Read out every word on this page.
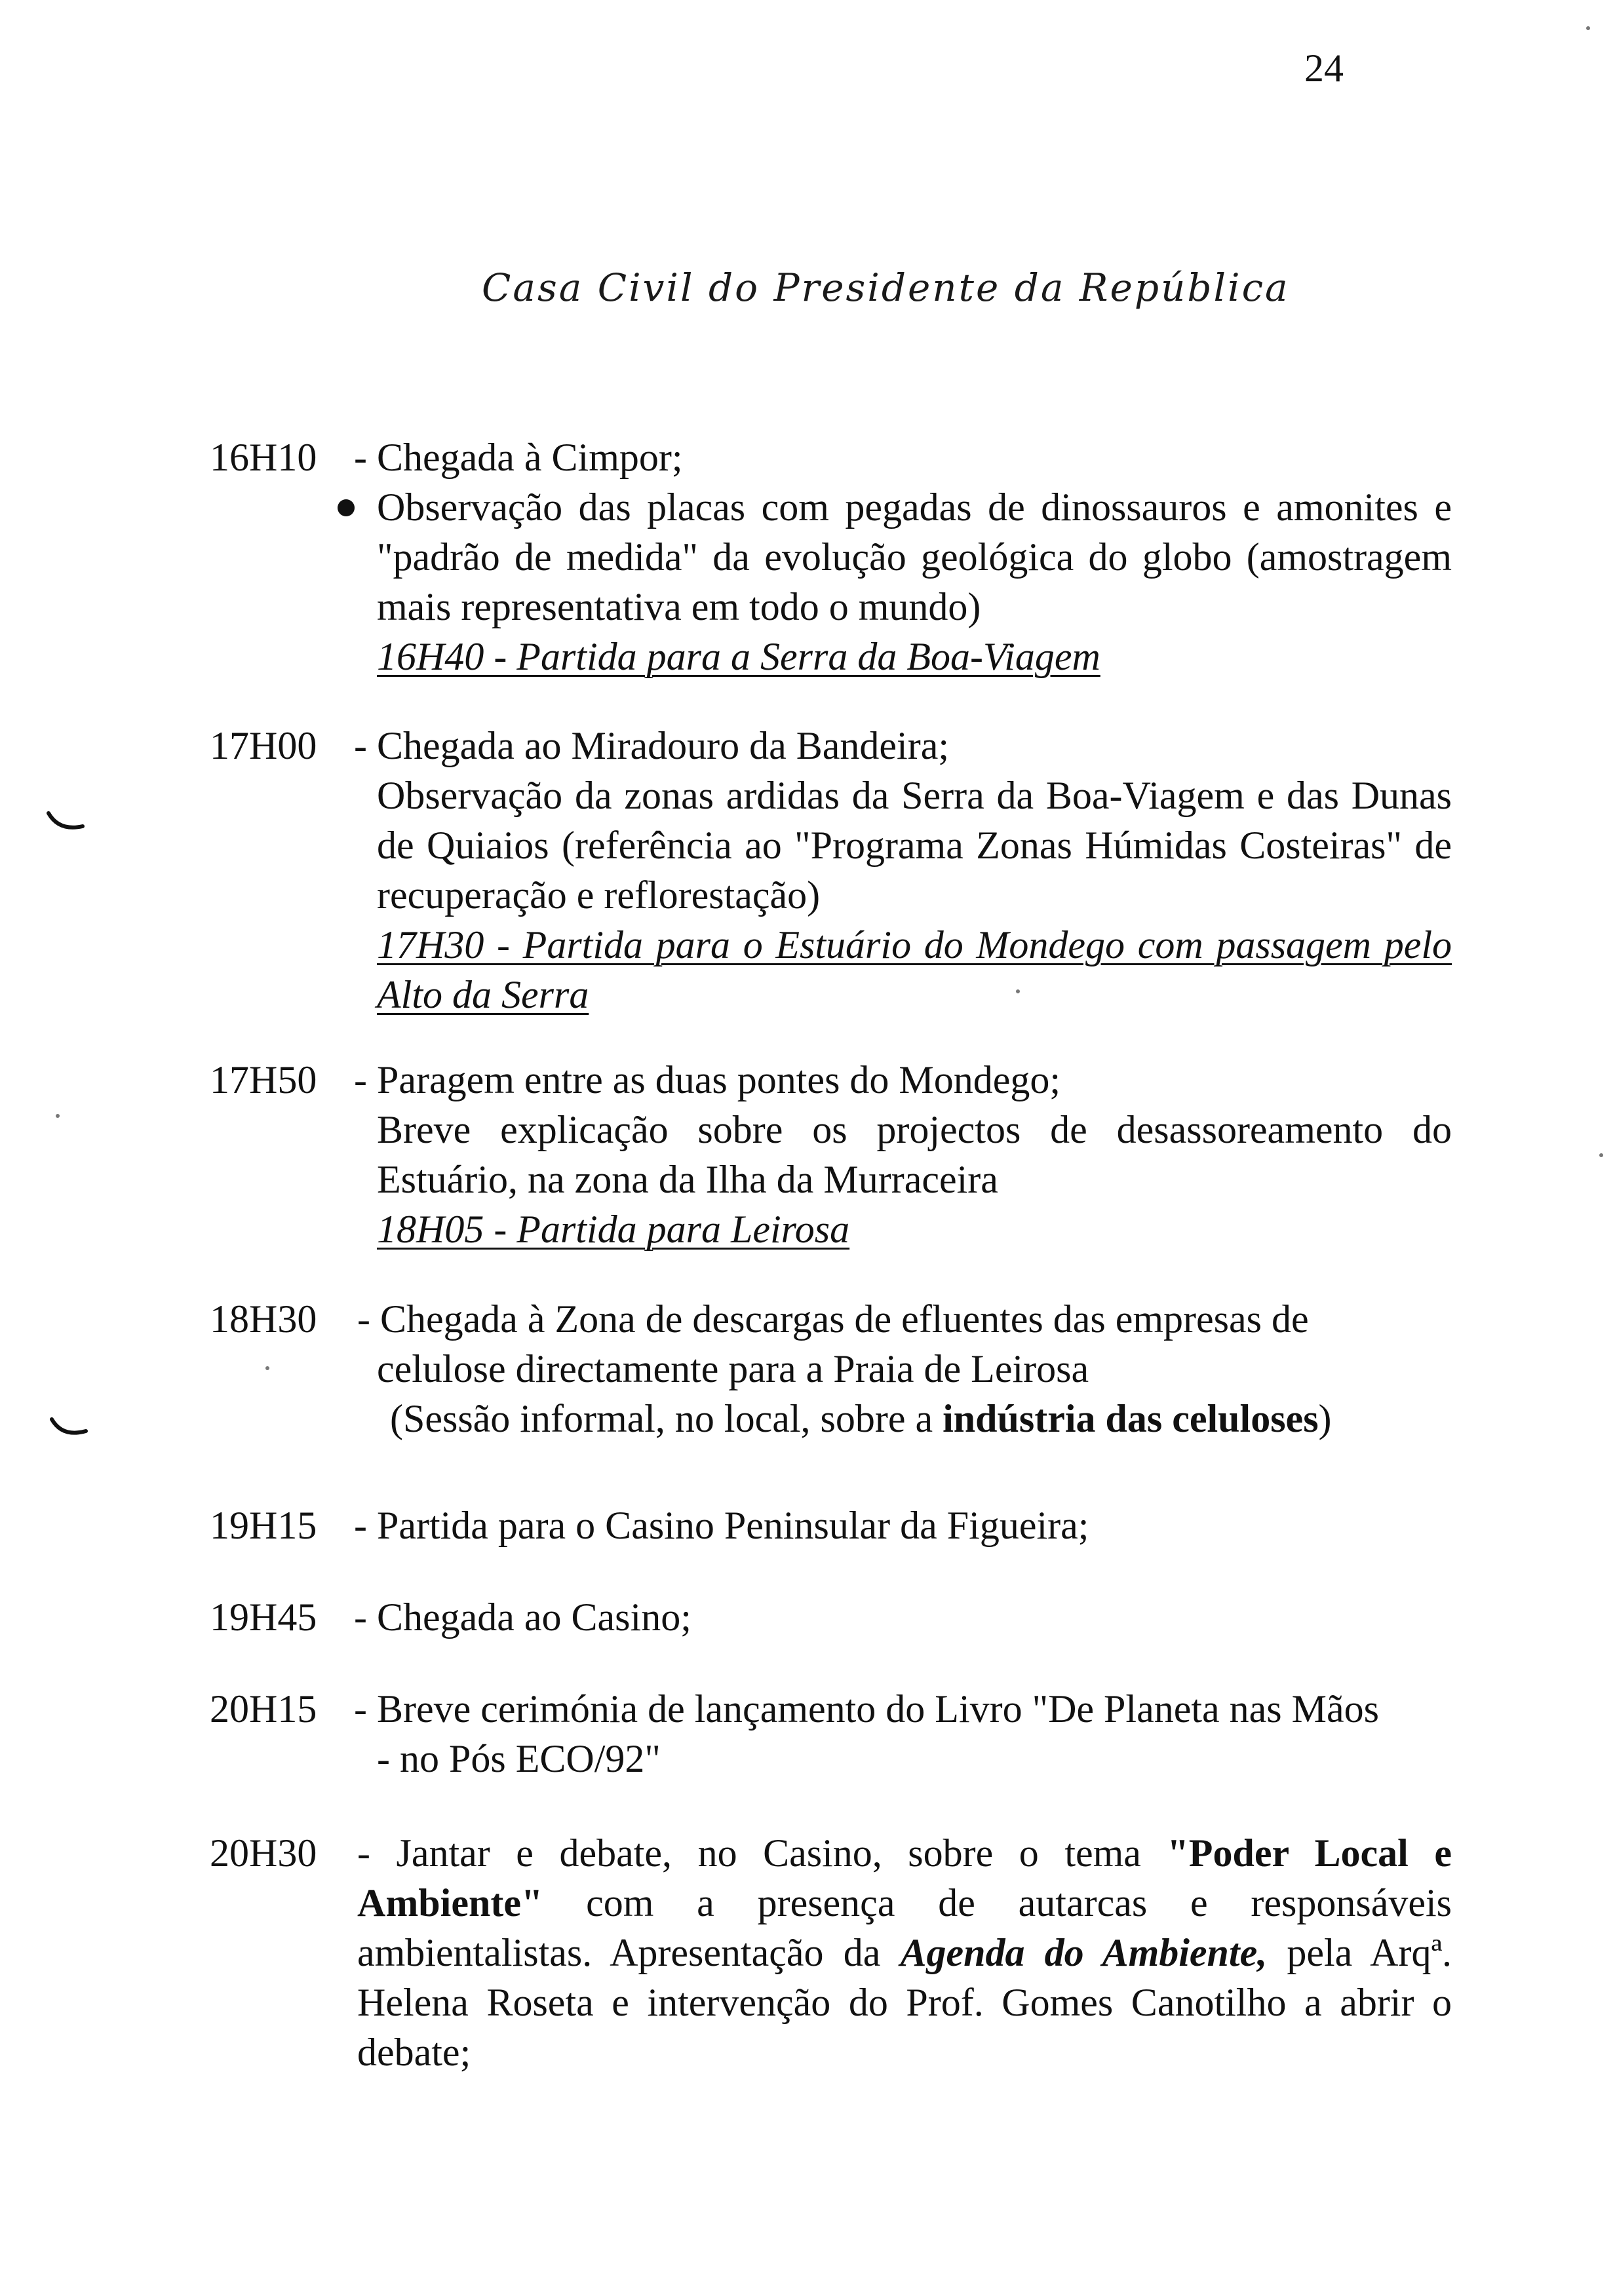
24
Casa Civil do Presidente da República
16H10 - Chegada à Cimpor;

Observação das placas com pegadas de dinossauros e amonites e "padrão de medida" da evolução geológica do globo (amostragem mais representativa em todo o mundo)

16H40 - Partida para a Serra da Boa-Viagem

17H00 - Chegada ao Miradouro da Bandeira;

Observação da zonas ardidas da Serra da Boa-Viagem e das Dunas de Quiaios (referência ao "Programa Zonas Húmidas Costeiras" de recuperação e reflorestação)

17H30 - Partida para o Estuário do Mondego com passagem pelo Alto da Serra

17H50 - Paragem entre as duas pontes do Mondego;

Breve explicação sobre os projectos de desassoreamento do Estuário, na zona da Ilha da Murraceira

18H05 - Partida para Leirosa

18H30 - Chegada à Zona de descargas de efluentes das empresas de

celulose directamente para a Praia de Leirosa

(Sessão informal, no local, sobre a indústria das celuloses)

19H15 - Partida para o Casino Peninsular da Figueira;
19H45 - Chegada ao Casino;
20H15 - Breve cerimónia de lançamento do Livro "De Planeta nas Mãos

- no Pós ECO/92"

20H30 - Jantar e debate, no Casino, sobre o tema "Poder Local e Ambiente" com a presença de autarcas e responsáveis ambientalistas. Apresentação da Agenda do Ambiente, pela Arqª. Helena Roseta e intervenção do Prof. Gomes Canotilho a abrir o debate;
